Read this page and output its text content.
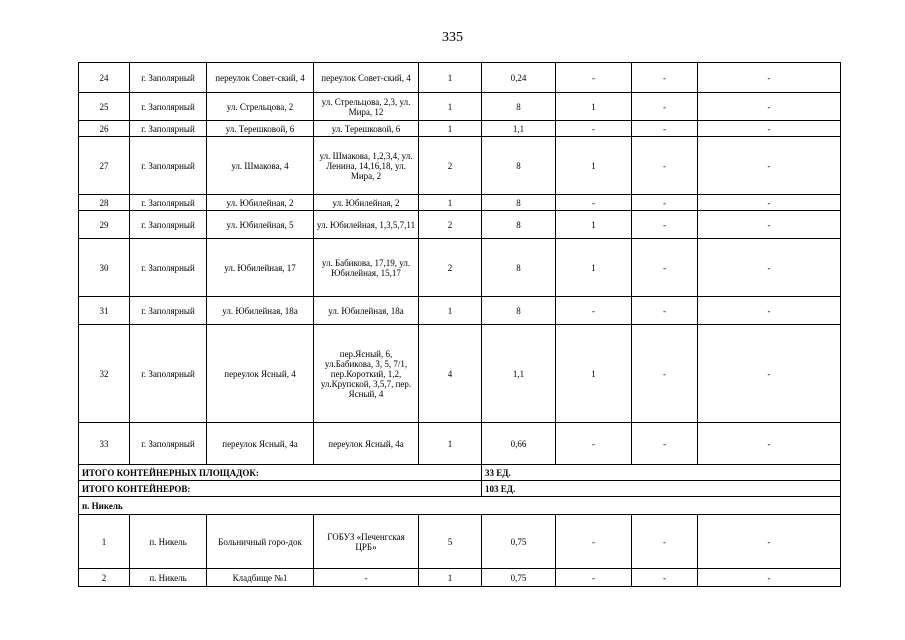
335
24	г. Заполярный	переулок Совет-ский, 4	переулок Совет-ский, 4	1	0,24	-	-	-
25	г. Заполярный	ул. Стрельцова, 2	ул. Стрельцова, 2,3, ул. Мира, 12	1	8	1	-	-
26	г. Заполярный	ул. Терешковой, 6	ул. Терешковой, 6	1	1,1	-	-	-
27	г. Заполярный	ул. Шмакова, 4	ул. Шмакова, 1,2,3,4, ул. Ленина, 14,16,18, ул. Мира, 2	2	8	1	-	-
28	г. Заполярный	ул. Юбилейная, 2	ул. Юбилейная, 2	1	8	-	-	-
29	г. Заполярный	ул. Юбилейная, 5	ул. Юбилейная, 1,3,5,7,11	2	8	1	-	-
30	г. Заполярный	ул. Юбилейная, 17	ул. Бабикова, 17,19, ул. Юбилейная, 15,17	2	8	1	-	-
31	г. Заполярный	ул. Юбилейная, 18а	ул. Юбилейная, 18а	1	8	-	-	-
32	г. Заполярный	переулок Ясный, 4	пер.Ясный, 6, ул.Бабикова, 3, 5, 7/1, пер.Короткий, 1,2, ул.Крупской, 3,5,7, пер. Ясный, 4	4	1,1	1	-	-
33	г. Заполярный	переулок Ясный, 4а	переулок Ясный, 4а	1	0,66	-	-	-
ИТОГО КОНТЕЙНЕРНЫХ ПЛОЩАДОК:					33 ЕД.			
ИТОГО КОНТЕЙНЕРОВ:					103 ЕД.			
п. Никель								
1	п. Никель	Больничный горо-док	ГОБУЗ «Печенгская ЦРБ»	5	0,75	-	-	-
2	п. Никель	Кладбище №1	-	1	0,75	-	-	-
